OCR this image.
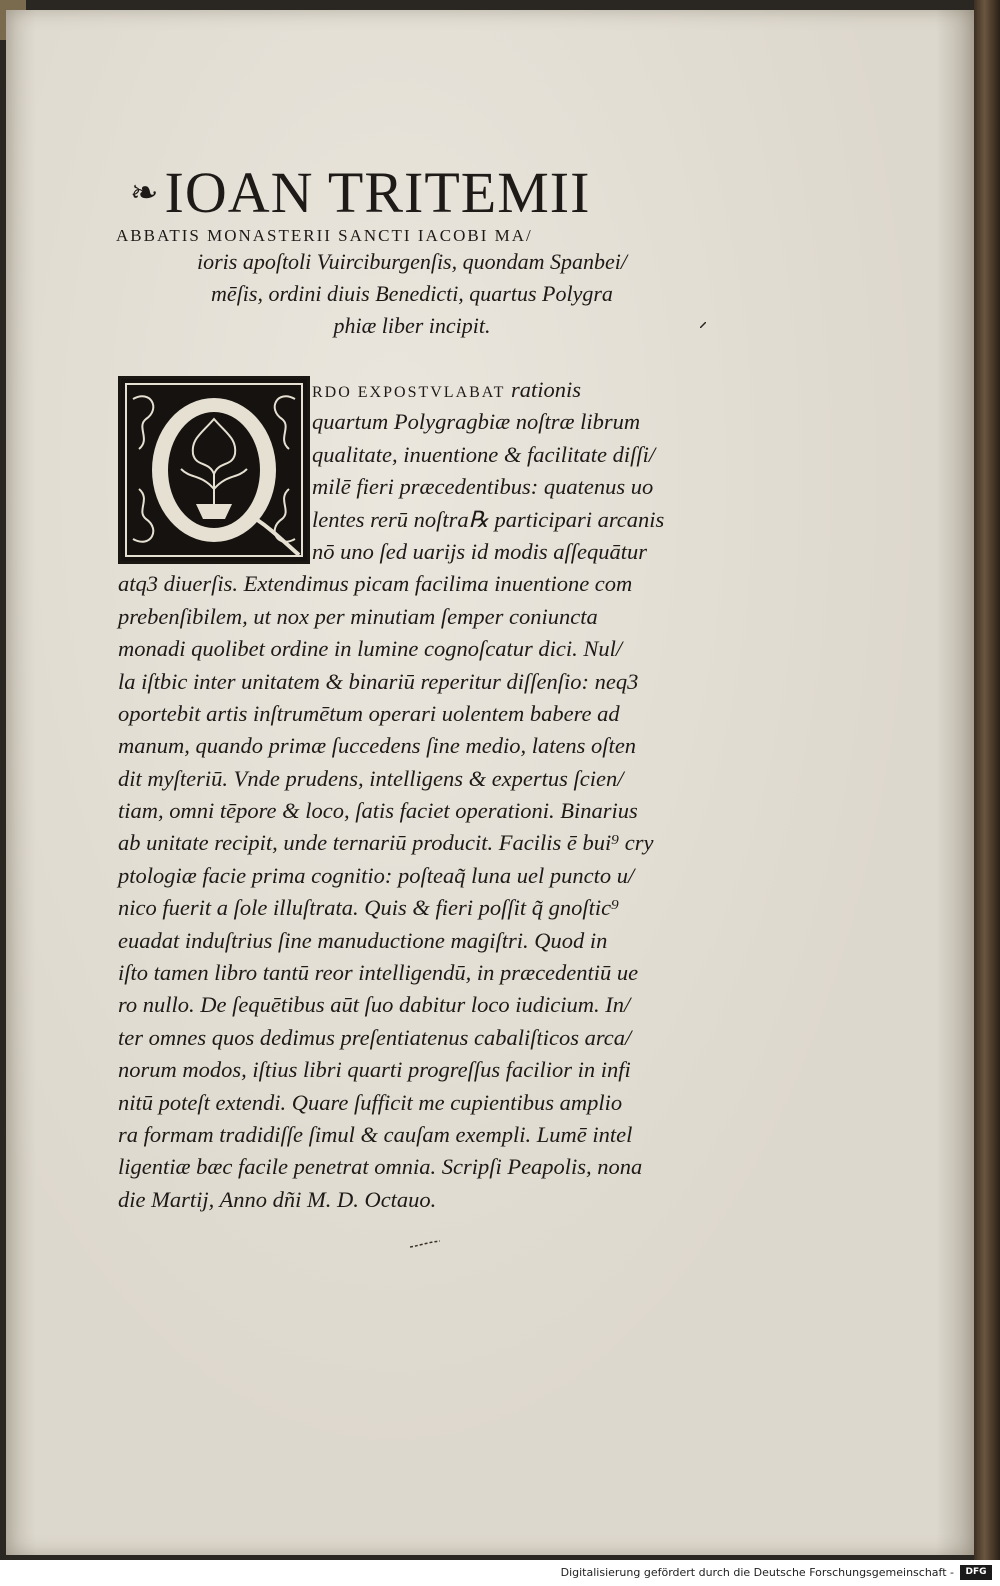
❧ IOAN TRITEMII
ABBATIS MONASTERII SANCTI IACOBI MA/
ioris apoſtoli Vuirciburgenſis, quondam Spanbei/
mēſis, ordini diuis Benedicti, quartus Polygra
phiæ liber incipit.
RDO EXPOSTVLABAT rationis
quartum Polygragbiæ noſtræ librum
qualitate, inuentione & facilitate diſſi/
milē fieri præcedentibus: quatenus uo
lentes rerū noſtra℞ participari arcanis
nō uno ſed uarijs id modis aſſequātur
atq3 diuerſis. Extendimus picam facilima inuentione com
prebenſibilem, ut nox per minutiam ſemper coniuncta
monadi quolibet ordine in lumine cognoſcatur dici. Nul/
la iſtbic inter unitatem & binariū reperitur diſſenſio: neq3
oportebit artis inſtrumētum operari uolentem babere ad
manum, quando primæ ſuccedens ſine medio, latens oſten
dit myſteriū. Vnde prudens, intelligens & expertus ſcien/
tiam, omni tēpore & loco, ſatis faciet operationi. Binarius
ab unitate recipit, unde ternariū producit. Facilis ē bui⁹ cry
ptologiæ facie prima cognitio: poſteaq̃ luna uel puncto u/
nico fuerit a ſole illuſtrata. Quis & fieri poſſit q̃ gnoſtic⁹
euadat induſtrius ſine manuductione magiſtri. Quod in
iſto tamen libro tantū reor intelligendū, in præcedentiū ue
ro nullo. De ſequētibus aūt ſuo dabitur loco iudicium. In/
ter omnes quos dedimus preſentiatenus cabaliſticos arca/
norum modos, iſtius libri quarti progreſſus facilior in infi
nitū poteſt extendi. Quare ſufficit me cupientibus amplio
ra formam tradidiſſe ſimul & cauſam exempli. Lumē intel
ligentiæ bæc facile penetrat omnia. Scripſi Peapolis, nona
die Martij, Anno dñi M. D. Octauo.
Digitalisierung gefördert durch die Deutsche Forschungsgemeinschaft -	DFG
